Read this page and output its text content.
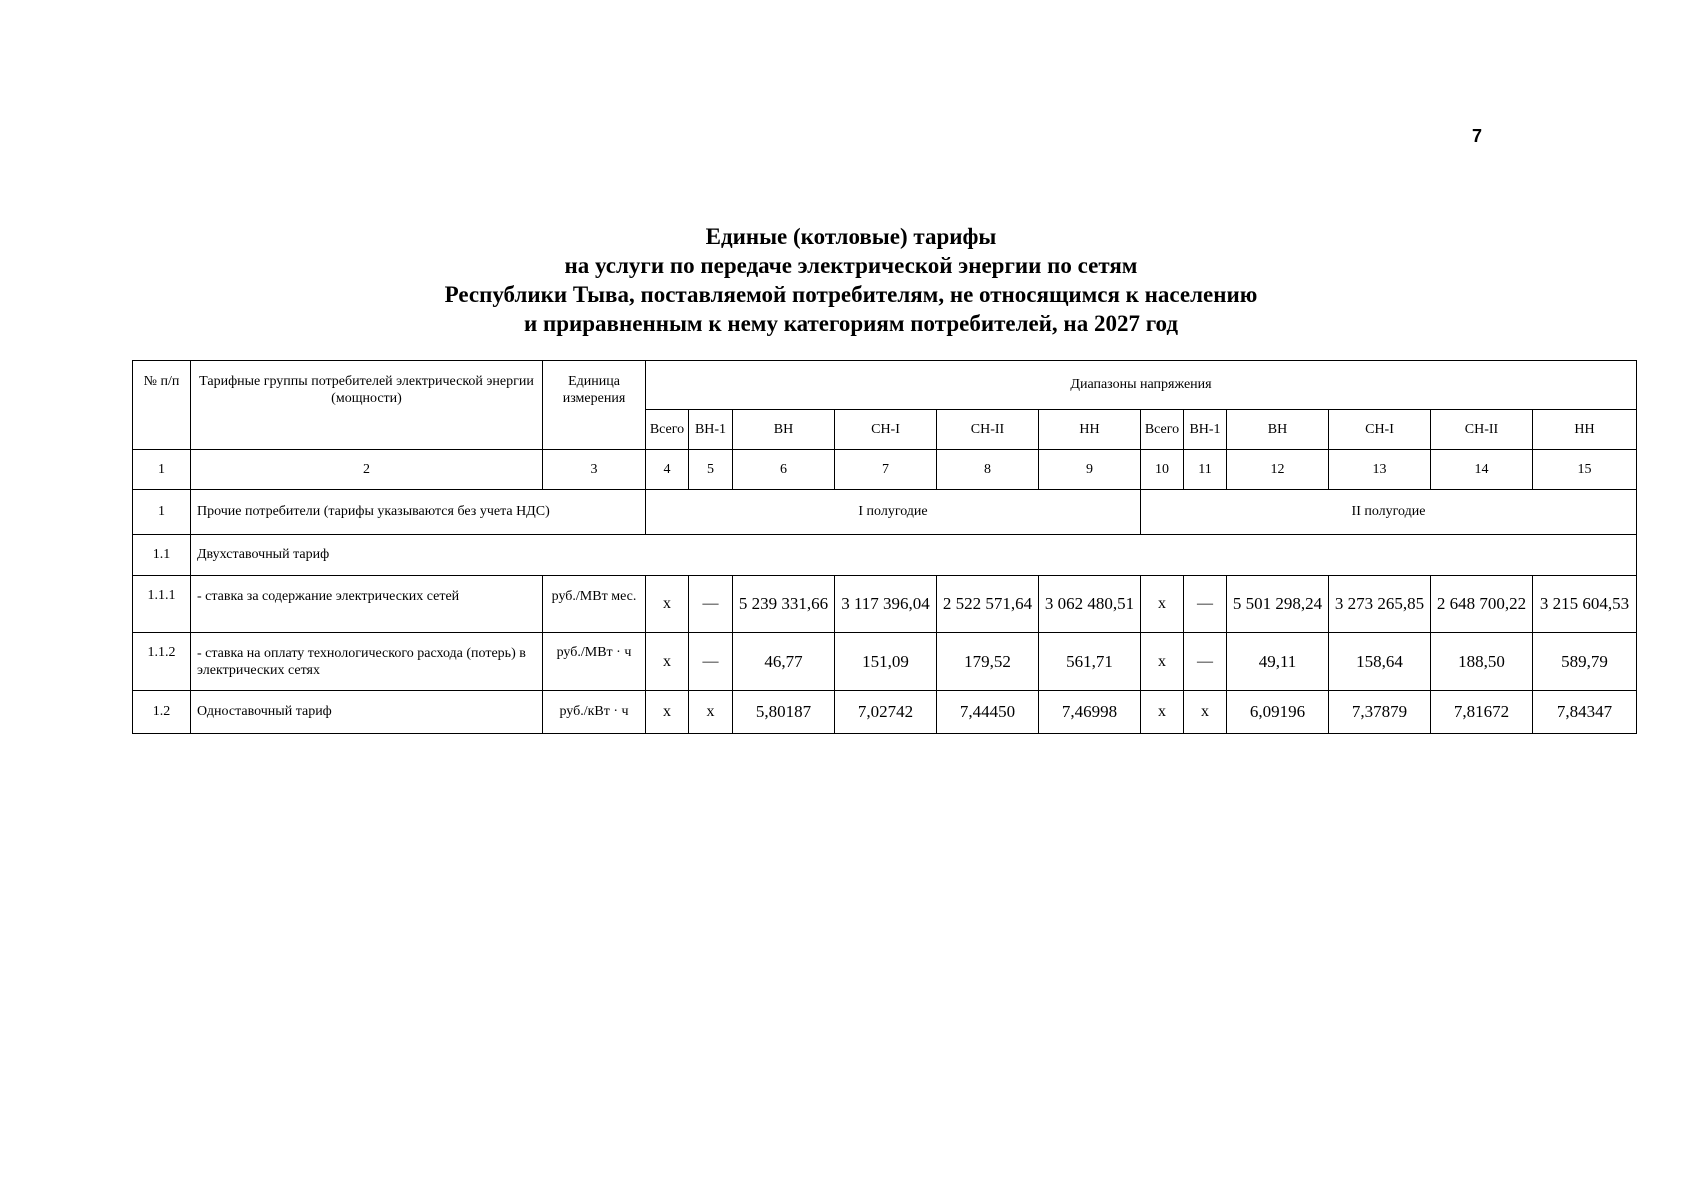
7
Единые (котловые) тарифы
на услуги по передаче электрической энергии по сетям
Республики Тыва, поставляемой потребителям, не относящимся к населению
и приравненным к нему категориям потребителей, на 2027 год
№ п/п	Тарифные группы потребителей электрической энергии (мощности)	Единица измерения	Диапазоны напряжения											
			Всего	ВН-1	ВН	СН-I	СН-II	НН	Всего	ВН-1	ВН	СН-I	СН-II	НН
1	2	3	4	5	6	7	8	9	10	11	12	13	14	15
1	Прочие потребители (тарифы указываются без учета НДС)		I полугодие						II полугодие					
1.1	Двухставочный тариф													
1.1.1	- ставка за содержание электрических сетей	руб./МВт мес.	х	—	5 239 331,66	3 117 396,04	2 522 571,64	3 062 480,51	х	—	5 501 298,24	3 273 265,85	2 648 700,22	3 215 604,53
1.1.2	- ставка на оплату технологического расхода (потерь) в электрических сетях	руб./МВт · ч	х	—	46,77	151,09	179,52	561,71	х	—	49,11	158,64	188,50	589,79
1.2	Одноставочный тариф	руб./кВт · ч	х	х	5,80187	7,02742	7,44450	7,46998	х	х	6,09196	7,37879	7,81672	7,84347
